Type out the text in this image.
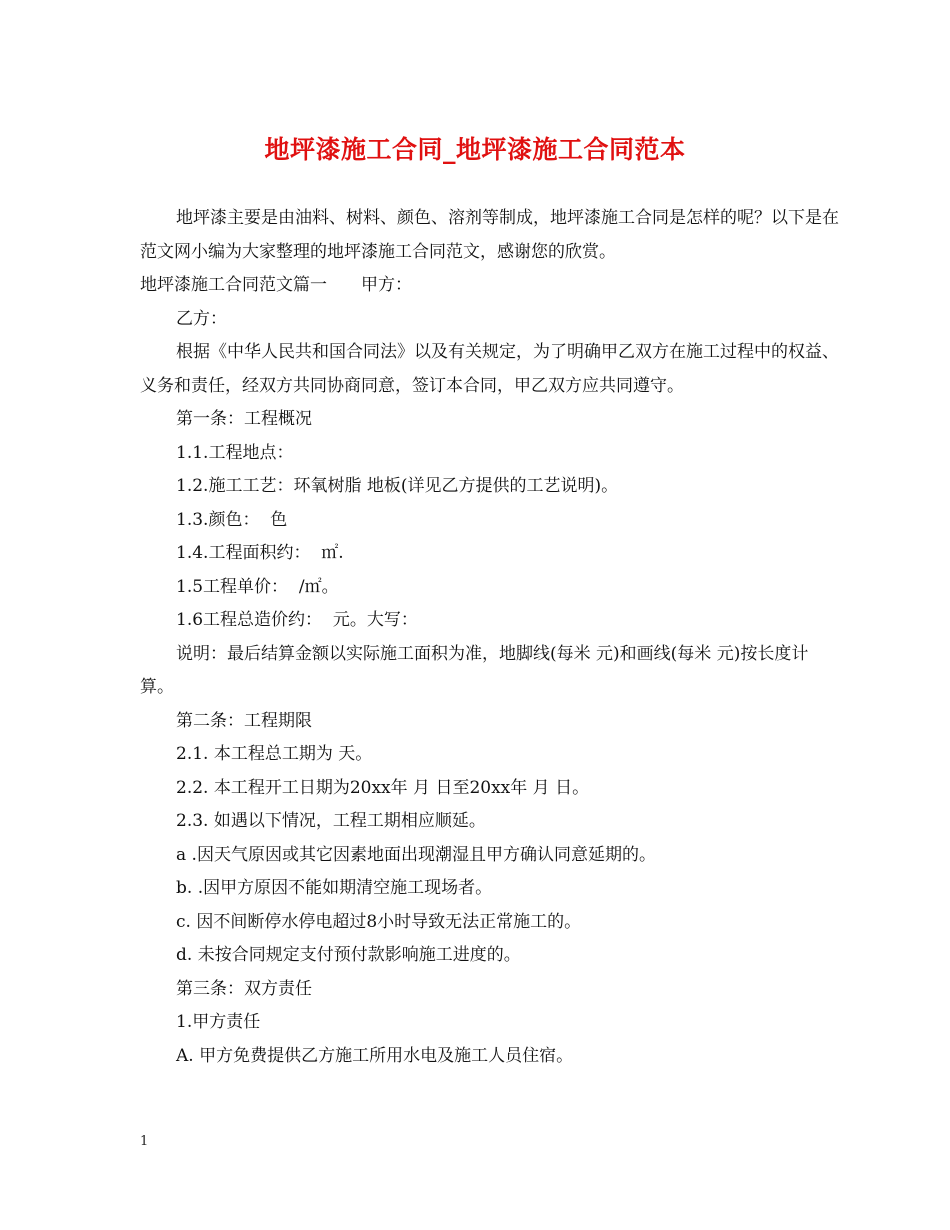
地坪漆施工合同_地坪漆施工合同范本

地坪漆主要是由油料、树料、颜色、溶剂等制成，地坪漆施工合同是怎样的呢？以下是在范文网小编为大家整理的地坪漆施工合同范文，感谢您的欣赏。

地坪漆施工合同范文篇一　　甲方：

乙方：

根据《中华人民共和国合同法》以及有关规定，为了明确甲乙双方在施工过程中的权益、义务和责任，经双方共同协商同意，签订本合同，甲乙双方应共同遵守。

第一条：工程概况

1.1.工程地点：

1.2.施工工艺：环氧树脂 地板(详见乙方提供的工艺说明)。

1.3.颜色：  色

1.4.工程面积约：  ㎡.

1.5工程单价：  /㎡。

1.6工程总造价约：  元。大写：

说明：最后结算金额以实际施工面积为准，地脚线(每米 元)和画线(每米 元)按长度计算。

第二条：工程期限

2.1. 本工程总工期为 天。

2.2. 本工程开工日期为20xx年 月 日至20xx年 月 日。

2.3. 如遇以下情况，工程工期相应顺延。

a .因天气原因或其它因素地面出现潮湿且甲方确认同意延期的。

b. .因甲方原因不能如期清空施工现场者。

c. 因不间断停水停电超过8小时导致无法正常施工的。

d. 未按合同规定支付预付款影响施工进度的。

第三条：双方责任

1.甲方责任

A. 甲方免费提供乙方施工所用水电及施工人员住宿。

1
